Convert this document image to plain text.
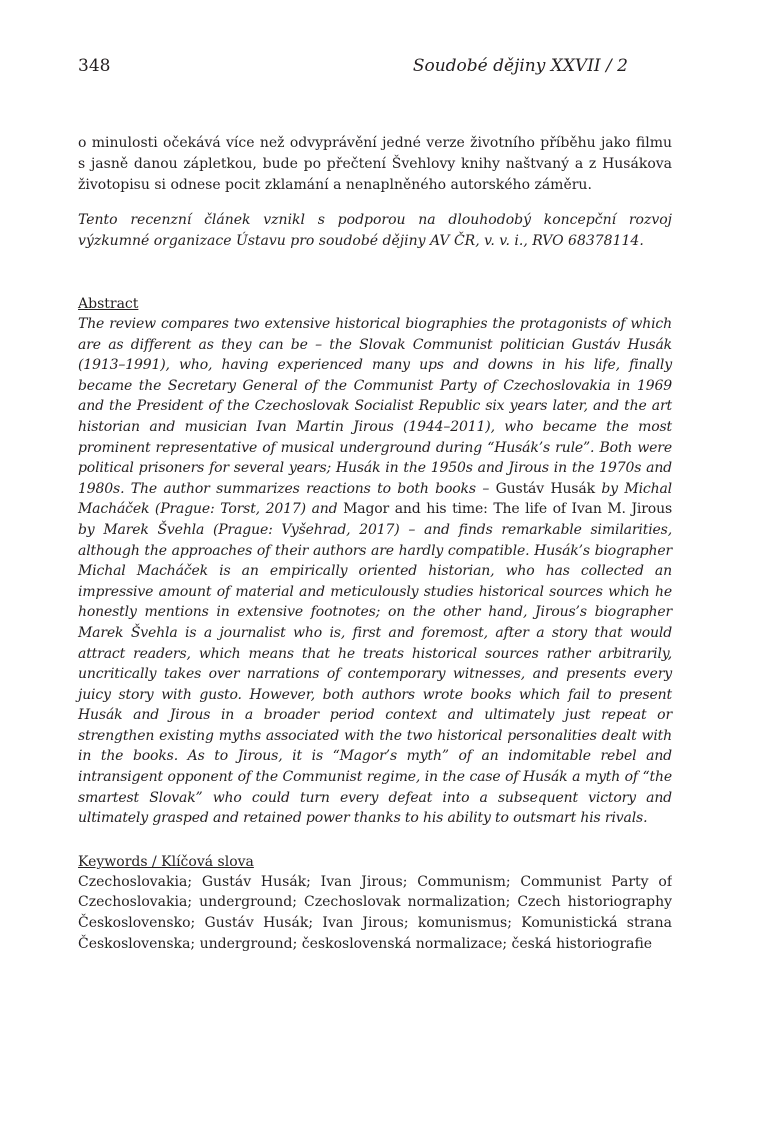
348	Soudobé dějiny XXVII / 2

o minulosti očekává více než odvyprávění jedné verze životního příběhu jako filmu s jasně danou zápletkou, bude po přečtení Švehlovy knihy naštvaný a z Husákova životopisu si odnese pocit zklamání a nenaplněného autorského záměru.

Tento recenzní článek vznikl s podporou na dlouhodobý koncepční rozvoj výzkumné organizace Ústavu pro soudobé dějiny AV ČR, v. v. i., RVO 68378114.

Abstract
The review compares two extensive historical biographies the protagonists of which are as different as they can be – the Slovak Communist politician Gustáv Husák (1913–1991), who, having experienced many ups and downs in his life, finally became the Secretary General of the Communist Party of Czechoslovakia in 1969 and the President of the Czechoslovak Socialist Republic six years later, and the art historian and musician Ivan Martin Jirous (1944–2011), who became the most prominent representative of musical underground during “Husák’s rule”. Both were political prisoners for several years; Husák in the 1950s and Jirous in the 1970s and 1980s. The author summarizes reactions to both books – Gustáv Husák by Michal Macháček (Prague: Torst, 2017) and Magor and his time: The life of Ivan M. Jirous by Marek Švehla (Prague: Vyšehrad, 2017) – and finds remarkable similarities, although the approaches of their authors are hardly compatible. Husák’s biographer Michal Macháček is an empirically oriented historian, who has collected an impressive amount of material and meticulously studies historical sources which he honestly mentions in extensive footnotes; on the other hand, Jirous’s biographer Marek Švehla is a journalist who is, first and foremost, after a story that would attract readers, which means that he treats historical sources rather arbitrarily, uncritically takes over narrations of contemporary witnesses, and presents every juicy story with gusto. However, both authors wrote books which fail to present Husák and Jirous in a broader period context and ultimately just repeat or strengthen existing myths associated with the two historical personalities dealt with in the books. As to Jirous, it is “Magor’s myth” of an indomitable rebel and intransigent opponent of the Communist regime, in the case of Husák a myth of “the smartest Slovak” who could turn every defeat into a subsequent victory and ultimately grasped and retained power thanks to his ability to outsmart his rivals.
Keywords / Klíčová slova
Czechoslovakia; Gustáv Husák; Ivan Jirous; Communism; Communist Party of
Czechoslovakia; underground; Czechoslovak normalization; Czech historiography
Československo; Gustáv Husák; Ivan Jirous; komunismus; Komunistická strana
Československa; underground; československá normalizace; česká historiografie
